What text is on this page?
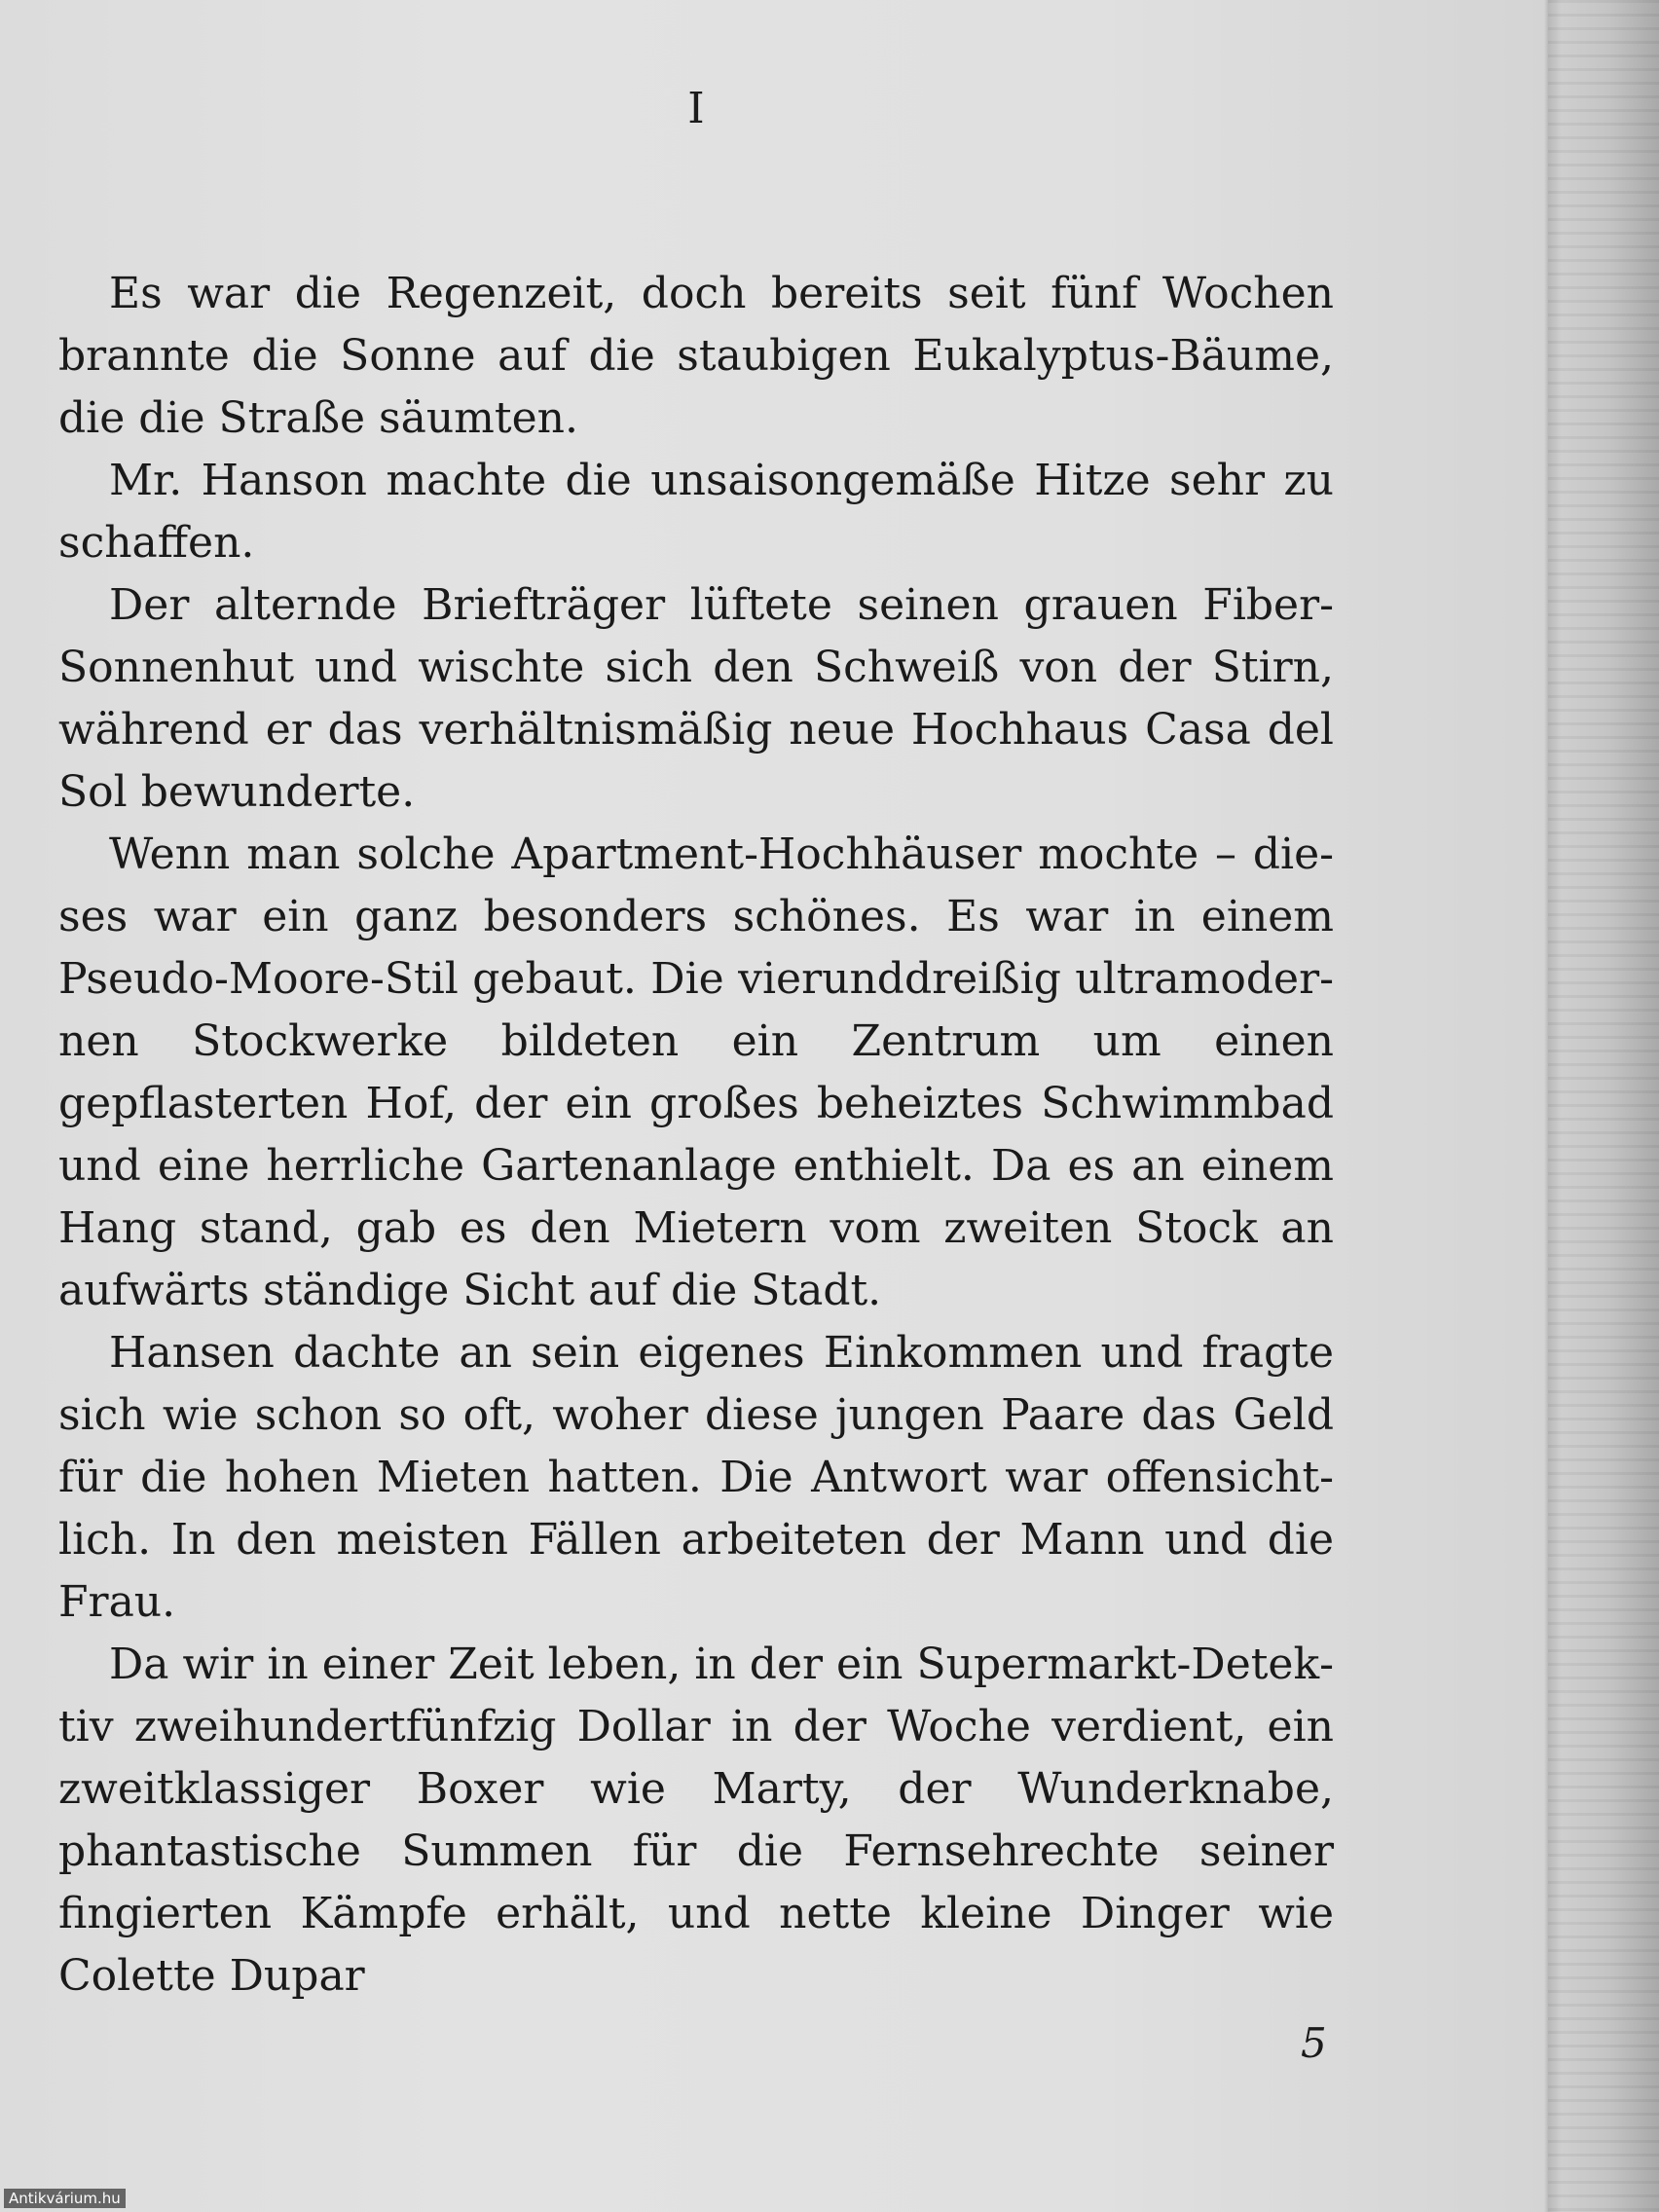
I

Es war die Regenzeit, doch bereits seit fünf Wochen brannte die Sonne auf die staubigen Eukalyptus-Bäume, die die Straße säumten.

Mr. Hanson machte die unsaisongemäße Hitze sehr zu schaffen.

Der alternde Briefträger lüftete seinen grauen Fiber-Sonnenhut und wischte sich den Schweiß von der Stirn, während er das verhältnismäßig neue Hochhaus Casa del Sol bewunderte.

Wenn man solche Apartment-Hochhäuser mochte – dieses war ein ganz besonders schönes. Es war in einem Pseudo-Moore-Stil gebaut. Die vierunddreißig ultramodernen Stockwerke bildeten ein Zentrum um einen gepflasterten Hof, der ein großes beheiztes Schwimmbad und eine herrliche Gartenanlage enthielt. Da es an einem Hang stand, gab es den Mietern vom zweiten Stock an aufwärts ständige Sicht auf die Stadt.

Hansen dachte an sein eigenes Einkommen und fragte sich wie schon so oft, woher diese jungen Paare das Geld für die hohen Mieten hatten. Die Antwort war offensichtlich. In den meisten Fällen arbeiteten der Mann und die Frau.

Da wir in einer Zeit leben, in der ein Supermarkt-Detektiv zweihundertfünfzig Dollar in der Woche verdient, ein zweitklassiger Boxer wie Marty, der Wunderknabe, phantastische Summen für die Fernsehrechte seiner fingierten Kämpfe erhält, und nette kleine Dinger wie Colette Dupar

5
Antikvárium.hu
